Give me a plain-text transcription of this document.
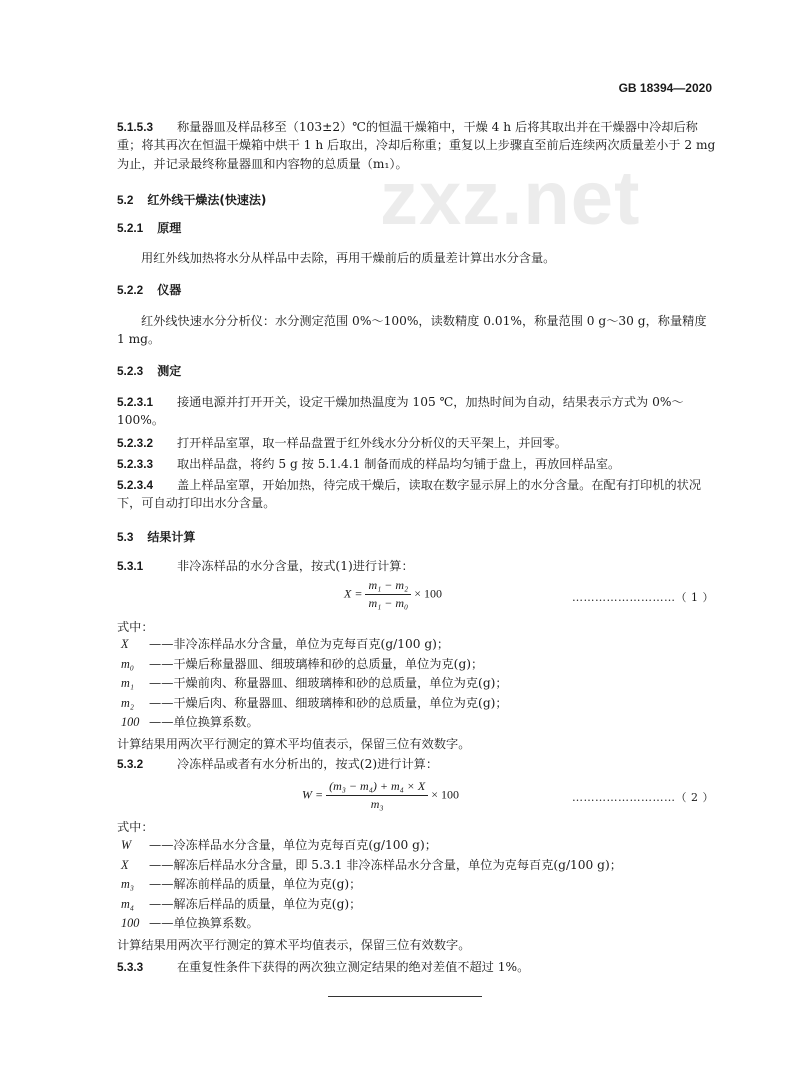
GB 18394—2020
zxz.net
5.1.5.3 称量器皿及样品移至（103±2）℃的恒温干燥箱中，干燥 4 h 后将其取出并在干燥器中冷却后称重；将其再次在恒温干燥箱中烘干 1 h 后取出，冷却后称重；重复以上步骤直至前后连续两次质量差小于 2 mg 为止，并记录最终称量器皿和内容物的总质量（m₁）。
5.2 红外线干燥法(快速法)
5.2.1 原理
用红外线加热将水分从样品中去除，再用干燥前后的质量差计算出水分含量。
5.2.2 仪器
红外线快速水分分析仪：水分测定范围 0%～100%，读数精度 0.01%，称量范围 0 g～30 g，称量精度 1 mg。
5.2.3 测定
5.2.3.1 接通电源并打开开关，设定干燥加热温度为 105 ℃，加热时间为自动，结果表示方式为 0%～100%。
5.2.3.2 打开样品室罩，取一样品盘置于红外线水分分析仪的天平架上，并回零。
5.2.3.3 取出样品盘，将约 5 g 按 5.1.4.1 制备而成的样品均匀铺于盘上，再放回样品室。
5.2.3.4 盖上样品室罩，开始加热，待完成干燥后，读取在数字显示屏上的水分含量。在配有打印机的状况下，可自动打印出水分含量。
5.3 结果计算
5.3.1	非冷冻样品的水分含量，按式(1)进行计算：
$X = \frac{\text{m₁ − m₂}}{\text{m₁ − m₀}} \times 100$	………………………（ 1 ）
式中：
X ——非冷冻样品水分含量，单位为克每百克(g/100 g)；
m₀ ——干燥后称量器皿、细玻璃棒和砂的总质量，单位为克(g)；
m₁ ——干燥前肉、称量器皿、细玻璃棒和砂的总质量，单位为克(g)；
m₂ ——干燥后肉、称量器皿、细玻璃棒和砂的总质量，单位为克(g)；
100 ——单位换算系数。
计算结果用两次平行测定的算术平均值表示，保留三位有效数字。
5.3.2	冷冻样品或者有水分析出的，按式(2)进行计算：
$W = \frac{\text{(m₃ − m₄) + m₄ × X}}{\text{m₃}} \times 100$	………………………（ 2 ）
式中：
W ——冷冻样品水分含量，单位为克每百克(g/100 g)；
X ——解冻后样品水分含量，即 5.3.1 非冷冻样品水分含量，单位为克每百克(g/100 g)；
m₃ ——解冻前样品的质量，单位为克(g)；
m₄ ——解冻后样品的质量，单位为克(g)；
100 ——单位换算系数。
计算结果用两次平行测定的算术平均值表示，保留三位有效数字。
5.3.3	在重复性条件下获得的两次独立测定结果的绝对差值不超过 1%。
